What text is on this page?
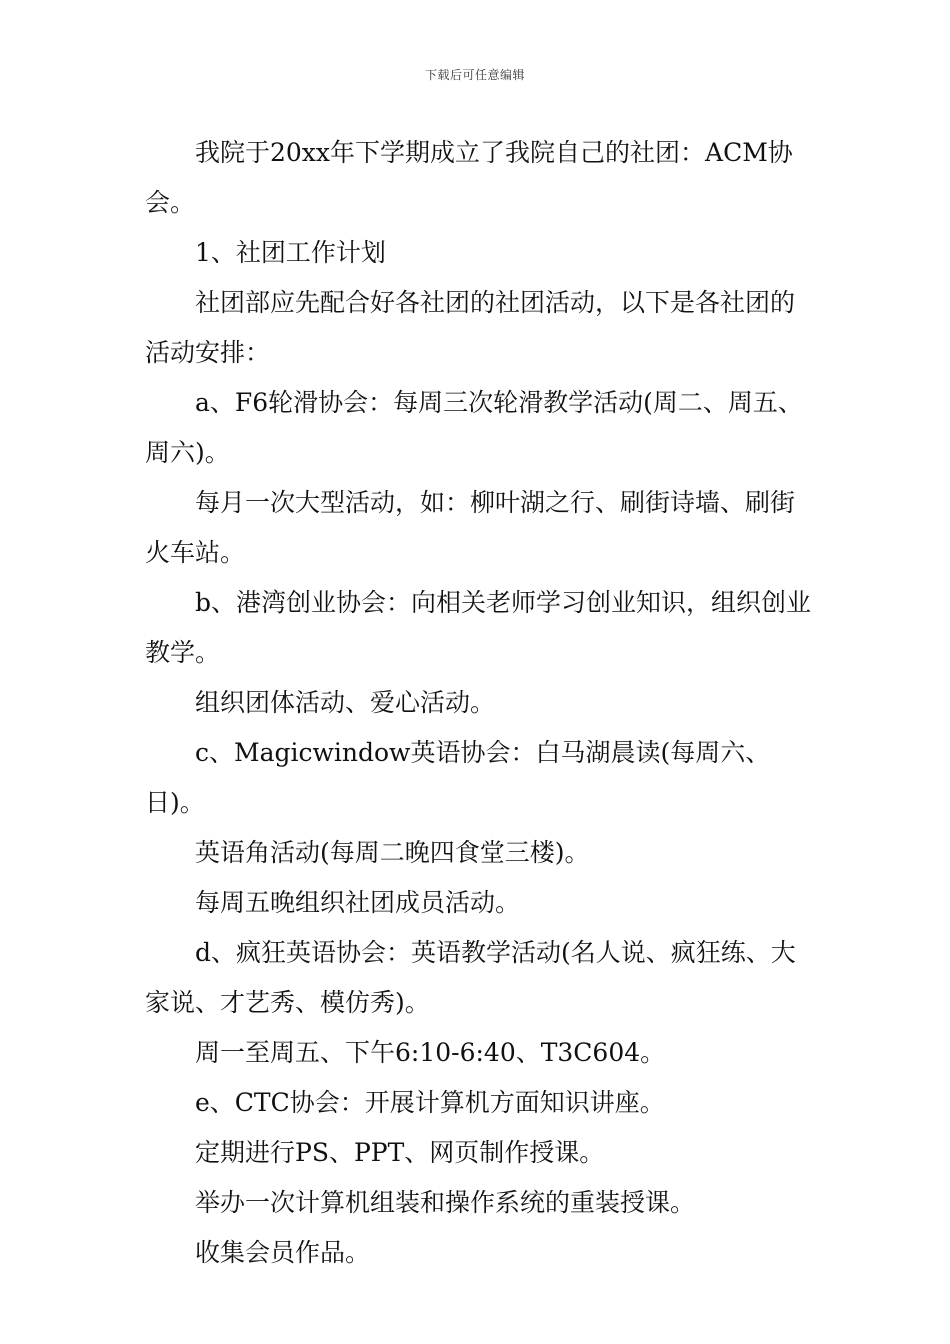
下载后可任意编辑

我院于20xx年下学期成立了我院自己的社团：ACM协会。

1、社团工作计划

社团部应先配合好各社团的社团活动，以下是各社团的活动安排：

a、F6轮滑协会：每周三次轮滑教学活动(周二、周五、周六)。

每月一次大型活动，如：柳叶湖之行、刷街诗墙、刷街火车站。

b、港湾创业协会：向相关老师学习创业知识，组织创业教学。

组织团体活动、爱心活动。

c、Magicwindow英语协会：白马湖晨读(每周六、日)。

英语角活动(每周二晚四食堂三楼)。

每周五晚组织社团成员活动。

d、疯狂英语协会：英语教学活动(名人说、疯狂练、大家说、才艺秀、模仿秀)。

周一至周五、下午6:10-6:40、T3C604。

e、CTC协会：开展计算机方面知识讲座。

定期进行PS、PPT、网页制作授课。

举办一次计算机组装和操作系统的重装授课。

收集会员作品。
